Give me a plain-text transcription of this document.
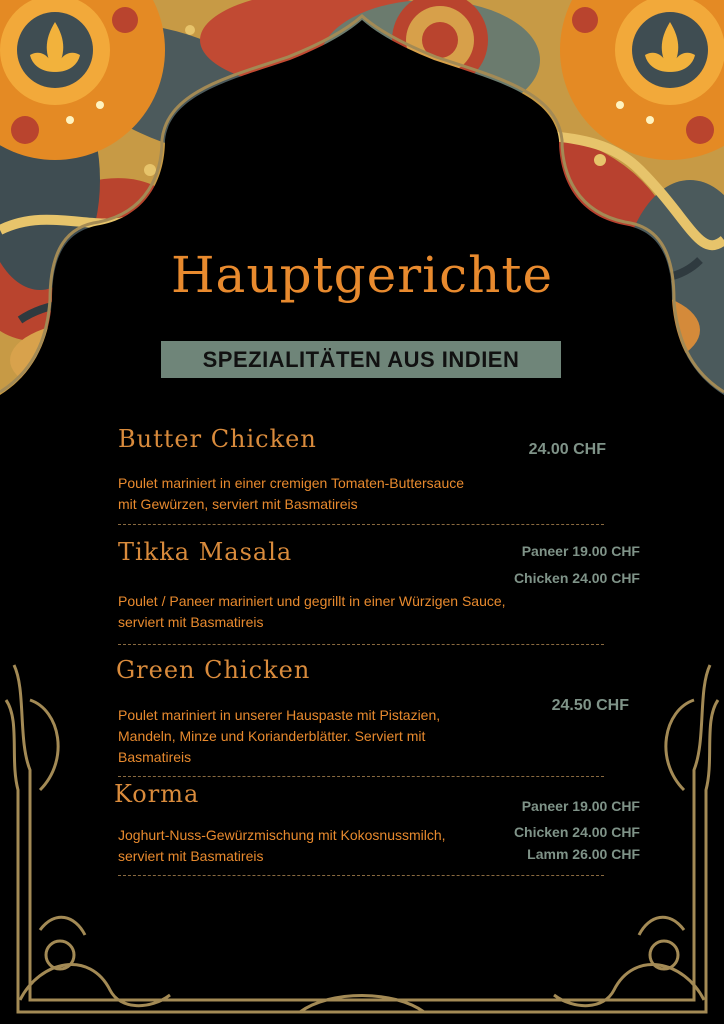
Hauptgerichte
SPEZIALITÄTEN AUS INDIEN
Butter Chicken	24.00 CHF
Poulet mariniert in einer cremigen Tomaten-Buttersauce
mit Gewürzen, serviert mit Basmatireis
Tikka Masala	Paneer 19.00 CHF
Chicken 24.00 CHF
Poulet / Paneer mariniert und gegrillt in einer Würzigen Sauce,
serviert mit Basmatireis
Green Chicken
24.50 CHF
Poulet mariniert in unserer Hauspaste mit Pistazien,
Mandeln, Minze und Korianderblätter. Serviert mit
Basmatireis
Korma	Paneer 19.00 CHF
Chicken 24.00 CHF
Lamm 26.00 CHF
Joghurt-Nuss-Gewürzmischung mit Kokosnussmilch,
serviert mit Basmatireis
